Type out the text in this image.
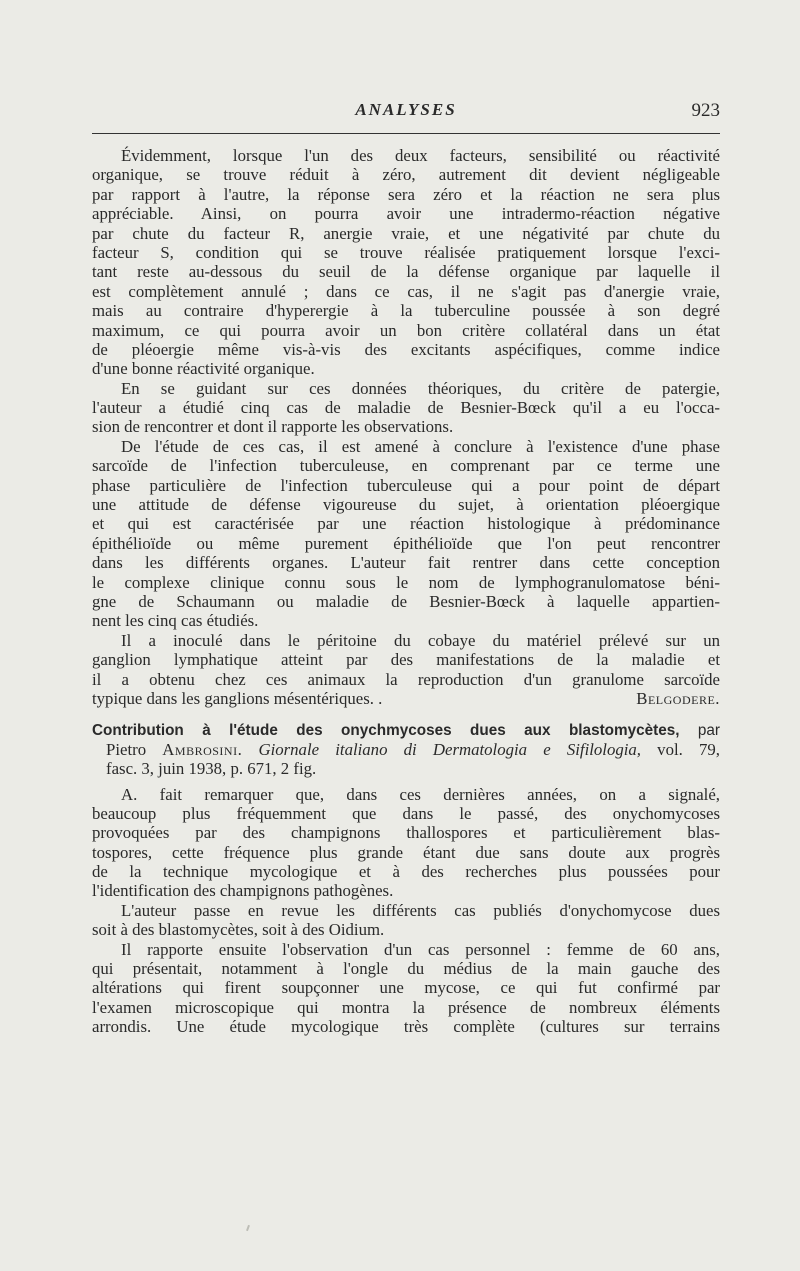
ANALYSES	923
Évidemment, lorsque l'un des deux facteurs, sensibilité ou réactivité
organique, se trouve réduit à zéro, autrement dit devient négligeable
par rapport à l'autre, la réponse sera zéro et la réaction ne sera plus
appréciable. Ainsi, on pourra avoir une intradermo-réaction négative
par chute du facteur R, anergie vraie, et une négativité par chute du
facteur S, condition qui se trouve réalisée pratiquement lorsque l'exci-
tant reste au-dessous du seuil de la défense organique par laquelle il
est complètement annulé ; dans ce cas, il ne s'agit pas d'anergie vraie,
mais au contraire d'hyperergie à la tuberculine poussée à son degré
maximum, ce qui pourra avoir un bon critère collatéral dans un état
de pléoergie même vis-à-vis des excitants aspécifiques, comme indice
d'une bonne réactivité organique.
En se guidant sur ces données théoriques, du critère de patergie,
l'auteur a étudié cinq cas de maladie de Besnier-Bœck qu'il a eu l'occa-
sion de rencontrer et dont il rapporte les observations.
De l'étude de ces cas, il est amené à conclure à l'existence d'une phase
sarcoïde de l'infection tuberculeuse, en comprenant par ce terme une
phase particulière de l'infection tuberculeuse qui a pour point de départ
une attitude de défense vigoureuse du sujet, à orientation pléoergique
et qui est caractérisée par une réaction histologique à prédominance
épithélioïde ou même purement épithélioïde que l'on peut rencontrer
dans les différents organes. L'auteur fait rentrer dans cette conception
le complexe clinique connu sous le nom de lymphogranulomatose béni-
gne de Schaumann ou maladie de Besnier-Bœck à laquelle appartien-
nent les cinq cas étudiés.
Il a inoculé dans le péritoine du cobaye du matériel prélevé sur un
ganglion lymphatique atteint par des manifestations de la maladie et
il a obtenu chez ces animaux la reproduction d'un granulome sarcoïde
typique dans les ganglions mésentériques. .	Belgodere.
Contribution à l'étude des onychmycoses dues aux blastomycètes, par
Pietro Ambrosini. Giornale italiano di Dermatologia e Sifilologia, vol. 79,
fasc. 3, juin 1938, p. 671, 2 fig.
A. fait remarquer que, dans ces dernières années, on a signalé,
beaucoup plus fréquemment que dans le passé, des onychomycoses
provoquées par des champignons thallospores et particulièrement blas-
tospores, cette fréquence plus grande étant due sans doute aux progrès
de la technique mycologique et à des recherches plus poussées pour
l'identification des champignons pathogènes.
L'auteur passe en revue les différents cas publiés d'onychomycose dues
soit à des blastomycètes, soit à des Oidium.
Il rapporte ensuite l'observation d'un cas personnel : femme de 60 ans,
qui présentait, notamment à l'ongle du médius de la main gauche des
altérations qui firent soupçonner une mycose, ce qui fut confirmé par
l'examen microscopique qui montra la présence de nombreux éléments
arrondis. Une étude mycologique très complète (cultures sur terrains
